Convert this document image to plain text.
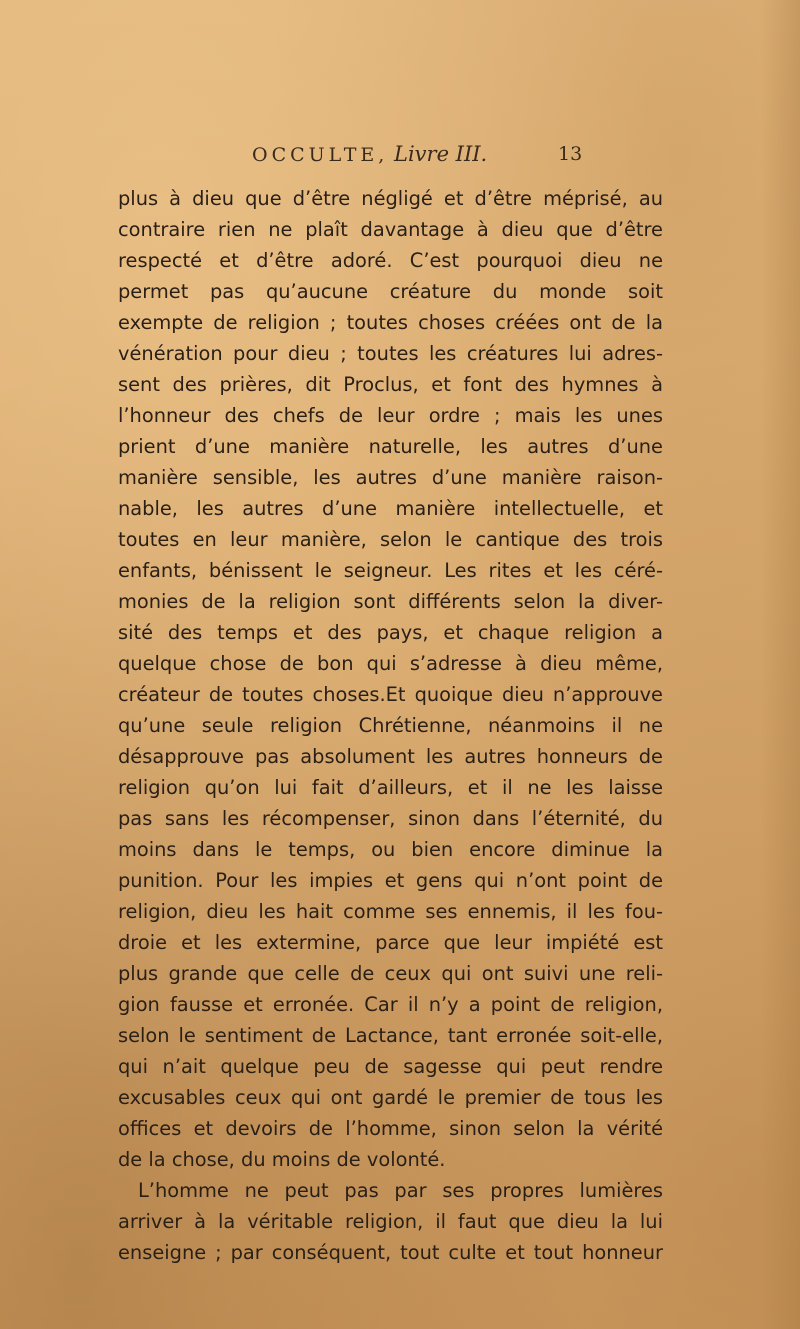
OCCULTE, Livre III.	13
plus à dieu que d’être négligé et d’être méprisé, au
contraire rien ne plaît davantage à dieu que d’être
respecté et d’être adoré. C’est pourquoi dieu ne
permet pas qu’aucune créature du monde soit
exempte de religion ; toutes choses créées ont de la
vénération pour dieu ; toutes les créatures lui adres-
sent des prières, dit Proclus, et font des hymnes à
l’honneur des chefs de leur ordre ; mais les unes
prient d’une manière naturelle, les autres d’une
manière sensible, les autres d’une manière raison-
nable, les autres d’une manière intellectuelle, et
toutes en leur manière, selon le cantique des trois
enfants, bénissent le seigneur. Les rites et les céré-
monies de la religion sont différents selon la diver-
sité des temps et des pays, et chaque religion a
quelque chose de bon qui s’adresse à dieu même,
créateur de toutes choses.Et quoique dieu n’approuve
qu’une seule religion Chrétienne, néanmoins il ne
désapprouve pas absolument les autres honneurs de
religion qu’on lui fait d’ailleurs, et il ne les laisse
pas sans les récompenser, sinon dans l’éternité, du
moins dans le temps, ou bien encore diminue la
punition. Pour les impies et gens qui n’ont point de
religion, dieu les hait comme ses ennemis, il les fou-
droie et les extermine, parce que leur impiété est
plus grande que celle de ceux qui ont suivi une reli-
gion fausse et erronée. Car il n’y a point de religion,
selon le sentiment de Lactance, tant erronée soit-elle,
qui n’ait quelque peu de sagesse qui peut rendre
excusables ceux qui ont gardé le premier de tous les
offices et devoirs de l’homme, sinon selon la vérité
de la chose, du moins de volonté.
L’homme ne peut pas par ses propres lumières
arriver à la véritable religion, il faut que dieu la lui
enseigne ; par conséquent, tout culte et tout honneur
